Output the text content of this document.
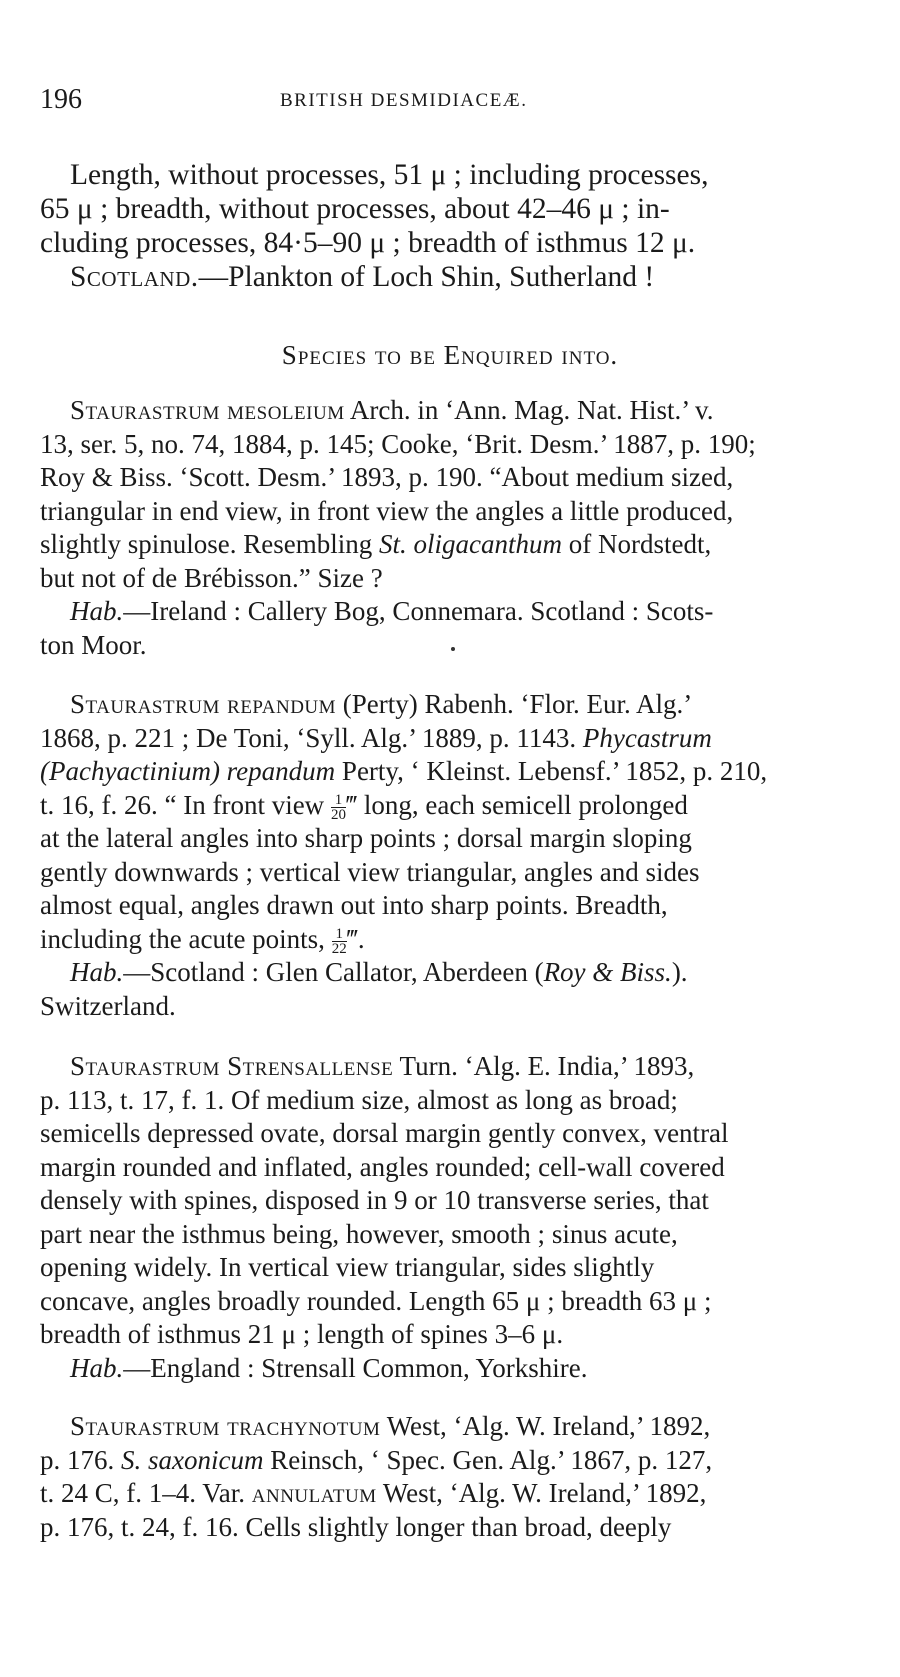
196	BRITISH DESMIDIACEÆ.
Length, without processes, 51 μ ; including processes,
65 μ ; breadth, without processes, about 42–46 μ ; in-
cluding processes, 84·5–90 μ ; breadth of isthmus 12 μ.
Scotland.—Plankton of Loch Shin, Sutherland !
Species to be Enquired into.
Staurastrum mesoleium Arch. in ‘Ann. Mag. Nat. Hist.’ v.
13, ser. 5, no. 74, 1884, p. 145; Cooke, ‘Brit. Desm.’ 1887, p. 190;
Roy & Biss. ‘Scott. Desm.’ 1893, p. 190. “About medium sized,
triangular in end view, in front view the angles a little produced,
slightly spinulose. Resembling St. oligacanthum of Nordstedt,
but not of de Brébisson.” Size ?
Hab.—Ireland : Callery Bog, Connemara. Scotland : Scots-
ton Moor.
Staurastrum repandum (Perty) Rabenh. ‘Flor. Eur. Alg.’
1868, p. 221 ; De Toni, ‘Syll. Alg.’ 1889, p. 1143. Phycastrum
(Pachyactinium) repandum Perty, ‘ Kleinst. Lebensf.’ 1852, p. 210,
t. 16, f. 26. “ In front view $\frac{1}{20}$ ‴ long, each semicell prolonged
at the lateral angles into sharp points ; dorsal margin sloping
gently downwards ; vertical view triangular, angles and sides
almost equal, angles drawn out into sharp points. Breadth,
including the acute points, $\frac{1}{22}$ ‴.
Hab.—Scotland : Glen Callator, Aberdeen (Roy & Biss.).
Switzerland.
Staurastrum Strensallense Turn. ‘Alg. E. India,’ 1893,
p. 113, t. 17, f. 1. Of medium size, almost as long as broad;
semicells depressed ovate, dorsal margin gently convex, ventral
margin rounded and inflated, angles rounded; cell-wall covered
densely with spines, disposed in 9 or 10 transverse series, that
part near the isthmus being, however, smooth ; sinus acute,
opening widely. In vertical view triangular, sides slightly
concave, angles broadly rounded. Length 65 μ ; breadth 63 μ ;
breadth of isthmus 21 μ ; length of spines 3–6 μ.
Hab.—England : Strensall Common, Yorkshire.
Staurastrum trachynotum West, ‘Alg. W. Ireland,’ 1892,
p. 176. S. saxonicum Reinsch, ‘ Spec. Gen. Alg.’ 1867, p. 127,
t. 24 C, f. 1–4. Var. annulatum West, ‘Alg. W. Ireland,’ 1892,
p. 176, t. 24, f. 16. Cells slightly longer than broad, deeply
